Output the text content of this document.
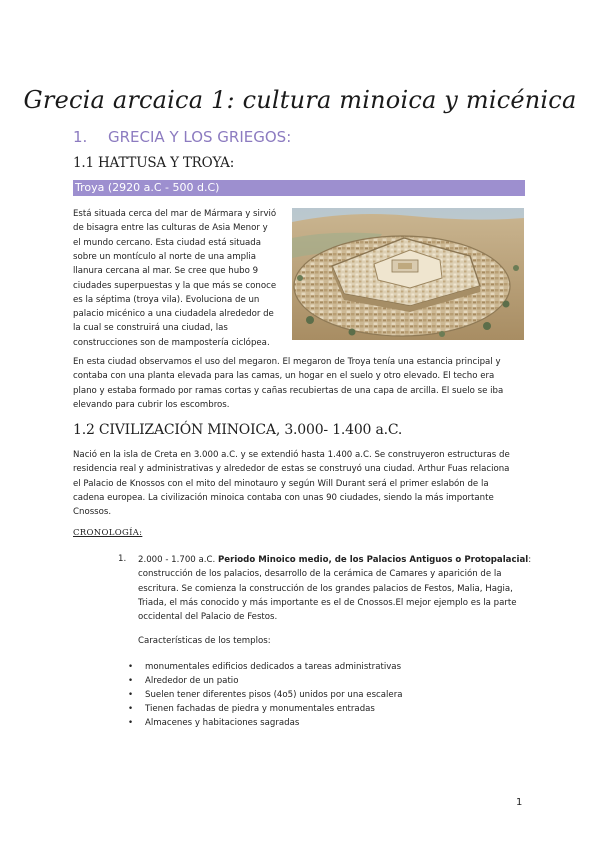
Grecia arcaica 1: cultura minoica y micénica
1. GRECIA Y LOS GRIEGOS:
1.1 HATTUSA Y TROYA:
Troya (2920 a.C - 500 d.C)
Está situada cerca del mar de Mármara y sirvió
de bisagra entre las culturas de Asia Menor y
el mundo cercano. Esta ciudad está situada
sobre un montículo al norte de una amplia
llanura cercana al mar. Se cree que hubo 9
ciudades superpuestas y la que más se conoce
es la séptima (troya vila). Evoluciona de un
palacio micénico a una ciudadela alrededor de
la cual se construirá una ciudad, las
construcciones son de mampostería ciclópea.
En esta ciudad observamos el uso del megaron. El megaron de Troya tenía una estancia principal y
contaba con una planta elevada para las camas, un hogar en el suelo y otro elevado. El techo era
plano y estaba formado por ramas cortas y cañas recubiertas de una capa de arcilla. El suelo se iba
elevando para cubrir los escombros.
1.2 CIVILIZACIÓN MINOICA, 3.000- 1.400 a.C.
Nació en la isla de Creta en 3.000 a.C. y se extendió hasta 1.400 a.C. Se construyeron estructuras de
residencia real y administrativas y alrededor de estas se construyó una ciudad. Arthur Fuas relaciona
el Palacio de Knossos con el mito del minotauro y según Will Durant será el primer eslabón de la
cadena europea. La civilización minoica contaba con unas 90 ciudades, siendo la más importante
Cnossos.
CRONOLOGÍA:
1. 2.000 - 1.700 a.C. Periodo Minoico medio, de los Palacios Antiguos o Protopalacial:
construcción de los palacios, desarrollo de la cerámica de Camares y aparición de la
escritura. Se comienza la construcción de los grandes palacios de Festos, Malia, Hagia,
Triada, el más conocido y más importante es el de Cnossos.El mejor ejemplo es la parte
occidental del Palacio de Festos.
Características de los templos:
• monumentales edificios dedicados a tareas administrativas
• Alrededor de un patio
• Suelen tener diferentes pisos (4o5) unidos por una escalera
• Tienen fachadas de piedra y monumentales entradas
• Almacenes y habitaciones sagradas
1
